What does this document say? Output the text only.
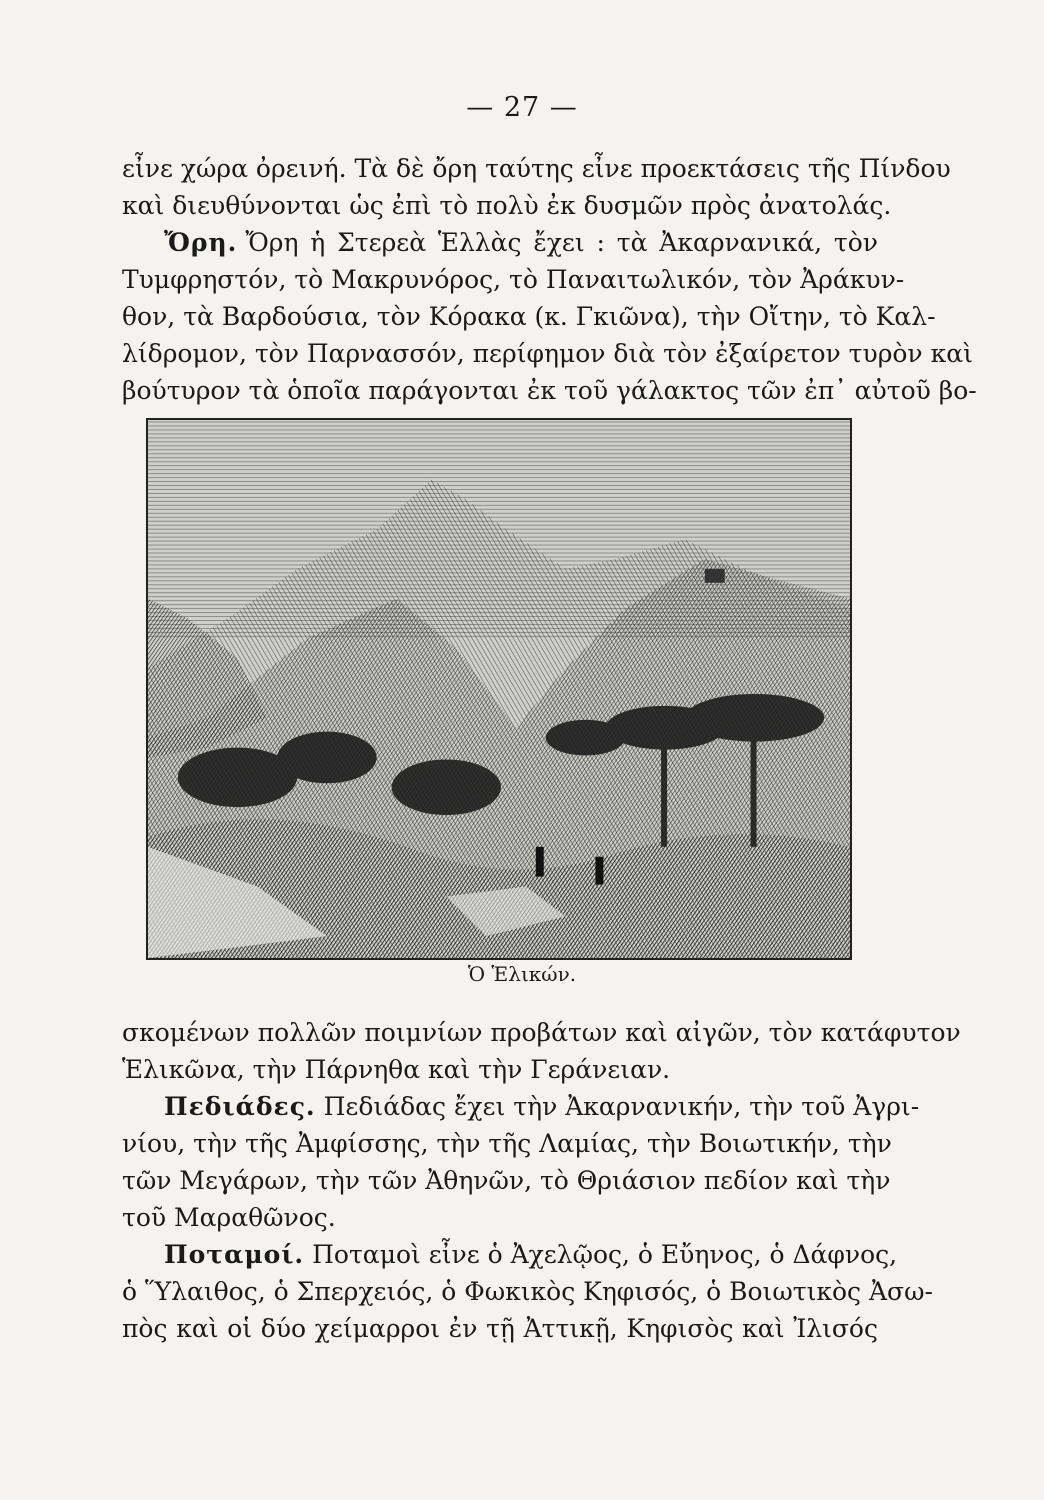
— 27 —
εἶνε χώρα ὀρεινή. Τὰ δὲ ὄρη ταύτης εἶνε προεκτάσεις τῆς Πίνδου
καὶ διευθύνονται ὡς ἐπὶ τὸ πολὺ ἐκ δυσμῶν πρὸς ἀνατολάς.
Ὄρη. Ὄρη ἡ Στερεὰ Ἑλλὰς ἔχει : τὰ Ἀκαρνανικά, τὸν
Τυμφρηστόν, τὸ Μακρυνόρος, τὸ Παναιτωλικόν, τὸν Ἀράκυν-
θον, τὰ Βαρδούσια, τὸν Κόρακα (κ. Γκιῶνα), τὴν Οἴτην, τὸ Καλ-
λίδρομον, τὸν Παρνασσόν, περίφημον διὰ τὸν ἐξαίρετον τυρὸν καὶ
βούτυρον τὰ ὁποῖα παράγονται ἐκ τοῦ γάλακτος τῶν ἐπ᾽ αὐτοῦ βο-
Ὁ Ἑλικών.
σκομένων πολλῶν ποιμνίων προβάτων καὶ αἰγῶν, τὸν κατάφυτον
Ἑλικῶνα, τὴν Πάρνηθα καὶ τὴν Γεράνειαν.
Πεδιάδες. Πεδιάδας ἔχει τὴν Ἀκαρνανικήν, τὴν τοῦ Ἀγρι-
νίου, τὴν τῆς Ἀμφίσσης, τὴν τῆς Λαμίας, τὴν Βοιωτικήν, τὴν
τῶν Μεγάρων, τὴν τῶν Ἀθηνῶν, τὸ Θριάσιον πεδίον καὶ τὴν
τοῦ Μαραθῶνος.
Ποταμοί. Ποταμοὶ εἶνε ὁ Ἀχελῷος, ὁ Εὔηνος, ὁ Δάφνος,
ὁ Ὕλαιθος, ὁ Σπερχειός, ὁ Φωκικὸς Κηφισός, ὁ Βοιωτικὸς Ἀσω-
πὸς καὶ οἱ δύο χείμαρροι ἐν τῇ Ἀττικῇ, Κηφισὸς καὶ Ἰλισός
